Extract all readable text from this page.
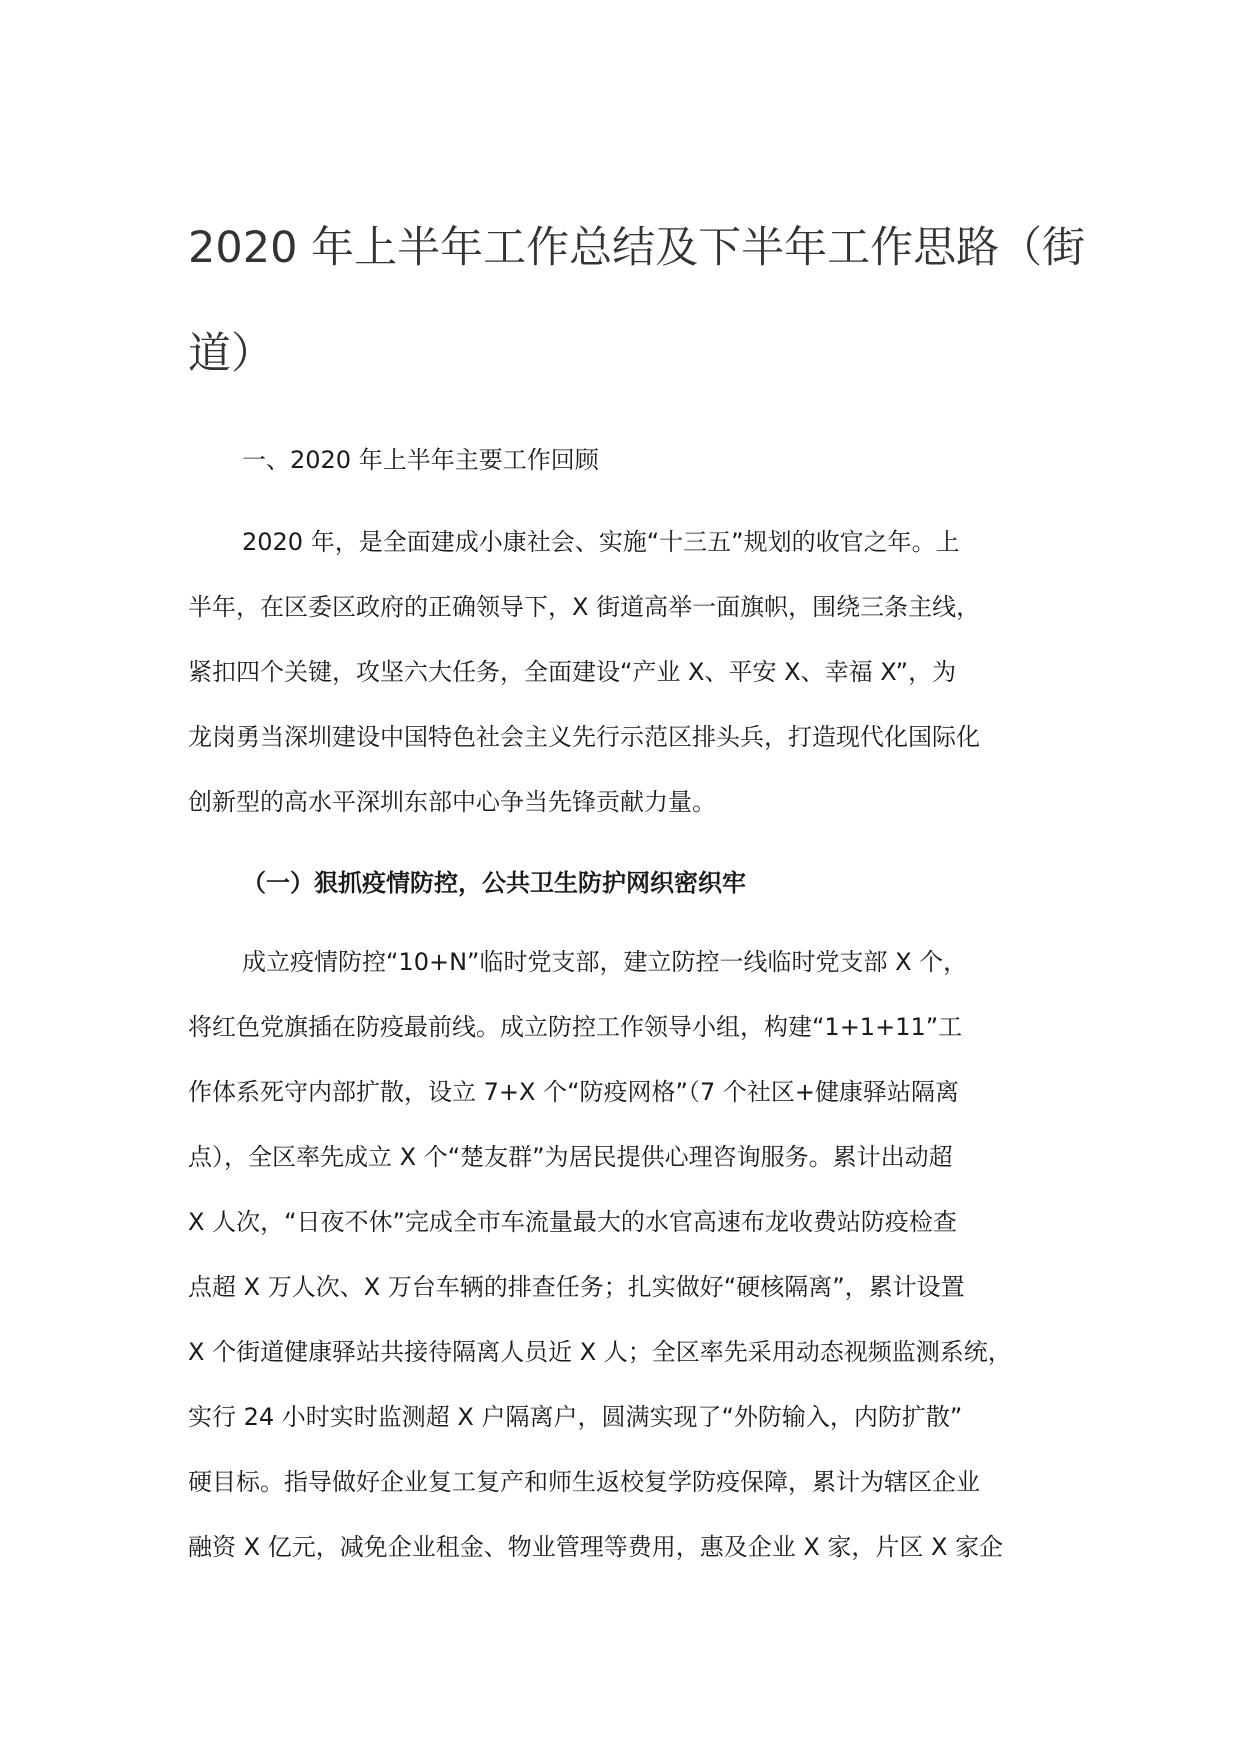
2020 年上半年工作总结及下半年工作思路（街
道）
一、2020 年上半年主要工作回顾

2020 年，是全面建成小康社会、实施“十三五”规划的收官之年。上
半年，在区委区政府的正确领导下，X 街道高举一面旗帜，围绕三条主线，
紧扣四个关键，攻坚六大任务，全面建设“产业 X、平安 X、幸福 X”，为
龙岗勇当深圳建设中国特色社会主义先行示范区排头兵，打造现代化国际化
创新型的高水平深圳东部中心争当先锋贡献力量。

（一）狠抓疫情防控，公共卫生防护网织密织牢

成立疫情防控“10+N”临时党支部，建立防控一线临时党支部 X 个，
将红色党旗插在防疫最前线。成立防控工作领导小组，构建“1+1+11”工
作体系死守内部扩散，设立 7+X 个“防疫网格”（7 个社区+健康驿站隔离
点），全区率先成立 X 个“楚友群”为居民提供心理咨询服务。累计出动超
X 人次，“日夜不休”完成全市车流量最大的水官高速布龙收费站防疫检查
点超 X 万人次、X 万台车辆的排查任务；扎实做好“硬核隔离”，累计设置
X 个街道健康驿站共接待隔离人员近 X 人；全区率先采用动态视频监测系统，
实行 24 小时实时监测超 X 户隔离户，圆满实现了“外防输入，内防扩散”
硬目标。指导做好企业复工复产和师生返校复学防疫保障，累计为辖区企业
融资 X 亿元，减免企业租金、物业管理等费用，惠及企业 X 家，片区 X 家企
